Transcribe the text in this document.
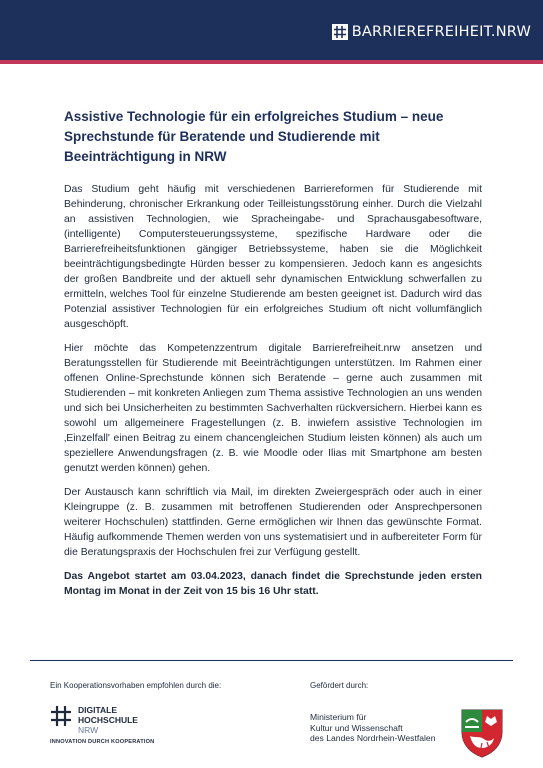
BARRIEREFREIHEIT.NRW
Assistive Technologie für ein erfolgreiches Studium – neue Sprechstunde für Beratende und Studierende mit Beeinträchtigung in NRW

Das Studium geht häufig mit verschiedenen Barriereformen für Studierende mit Behinderung, chronischer Erkrankung oder Teilleistungsstörung einher. Durch die Vielzahl an assistiven Technologien, wie Spracheingabe- und Sprachausgabesoftware, (intelligente) Computersteuerungssysteme, spezifische Hardware oder die Barrierefreiheitsfunktionen gängiger Betriebssysteme, haben sie die Möglichkeit beeinträchtigungsbedingte Hürden besser zu kompensieren. Jedoch kann es angesichts der großen Bandbreite und der aktuell sehr dynamischen Entwicklung schwerfallen zu ermitteln, welches Tool für einzelne Studierende am besten geeignet ist. Dadurch wird das Potenzial assistiver Technologien für ein erfolgreiches Studium oft nicht vollumfänglich ausgeschöpft.

Hier möchte das Kompetenzzentrum digitale Barrierefreiheit.nrw ansetzen und Beratungsstellen für Studierende mit Beeinträchtigungen unterstützen. Im Rahmen einer offenen Online-Sprechstunde können sich Beratende – gerne auch zusammen mit Studierenden – mit konkreten Anliegen zum Thema assistive Technologien an uns wenden und sich bei Unsicherheiten zu bestimmten Sachverhalten rückversichern. Hierbei kann es sowohl um allgemeinere Fragestellungen (z. B. inwiefern assistive Technologien im ‚Einzelfall' einen Beitrag zu einem chancengleichen Studium leisten können) als auch um speziellere Anwendungsfragen (z. B. wie Moodle oder Ilias mit Smartphone am besten genutzt werden können) gehen.

Der Austausch kann schriftlich via Mail, im direkten Zweiergespräch oder auch in einer Kleingruppe (z. B. zusammen mit betroffenen Studierenden oder Ansprechpersonen weiterer Hochschulen) stattfinden. Gerne ermöglichen wir Ihnen das gewünschte Format. Häufig aufkommende Themen werden von uns systematisiert und in aufbereiteter Form für die Beratungspraxis der Hochschulen frei zur Verfügung gestellt.

Das Angebot startet am 03.04.2023, danach findet die Sprechstunde jeden ersten Montag im Monat in der Zeit von 15 bis 16 Uhr statt.

Ein Kooperationsvorhaben empfohlen durch die:	Gefördert durch:
DIGITALE
HOCHSCHULE
NRW
INNOVATION DURCH KOOPERATION
Ministerium für
Kultur und Wissenschaft
des Landes Nordrhein-Westfalen
